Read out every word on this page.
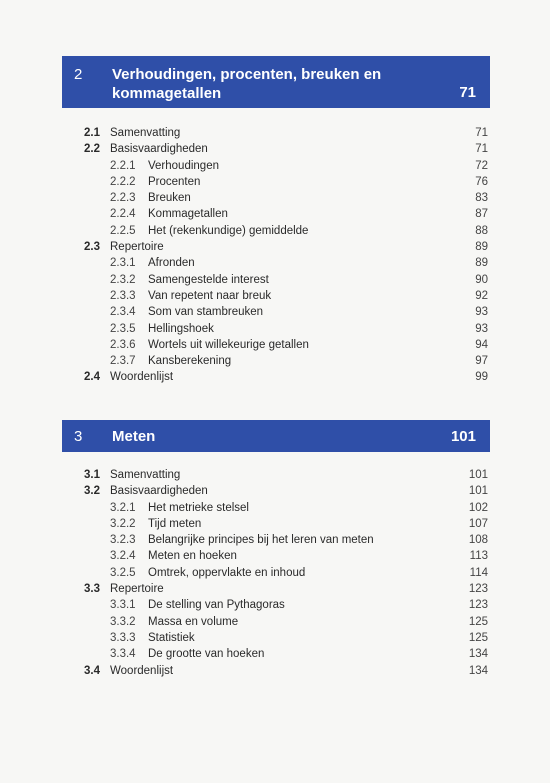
2 Verhoudingen, procenten, breuken en
kommagetallen	71
2.1 Samenvatting	71
2.2 Basisvaardigheden	71
2.2.1 Verhoudingen	72
2.2.2 Procenten	76
2.2.3 Breuken	83
2.2.4 Kommagetallen	87
2.2.5 Het (rekenkundige) gemiddelde	88
2.3 Repertoire	89
2.3.1 Afronden	89
2.3.2 Samengestelde interest	90
2.3.3 Van repetent naar breuk	92
2.3.4 Som van stambreuken	93
2.3.5 Hellingshoek	93
2.3.6 Wortels uit willekeurige getallen	94
2.3.7 Kansberekening	97
2.4 Woordenlijst	99
3 Meten	101
3.1 Samenvatting	101
3.2 Basisvaardigheden	101
3.2.1 Het metrieke stelsel	102
3.2.2 Tijd meten	107
3.2.3 Belangrijke principes bij het leren van meten	108
3.2.4 Meten en hoeken	113
3.2.5 Omtrek, oppervlakte en inhoud	114
3.3 Repertoire	123
3.3.1 De stelling van Pythagoras	123
3.3.2 Massa en volume	125
3.3.3 Statistiek	125
3.3.4 De grootte van hoeken	134
3.4 Woordenlijst	134
